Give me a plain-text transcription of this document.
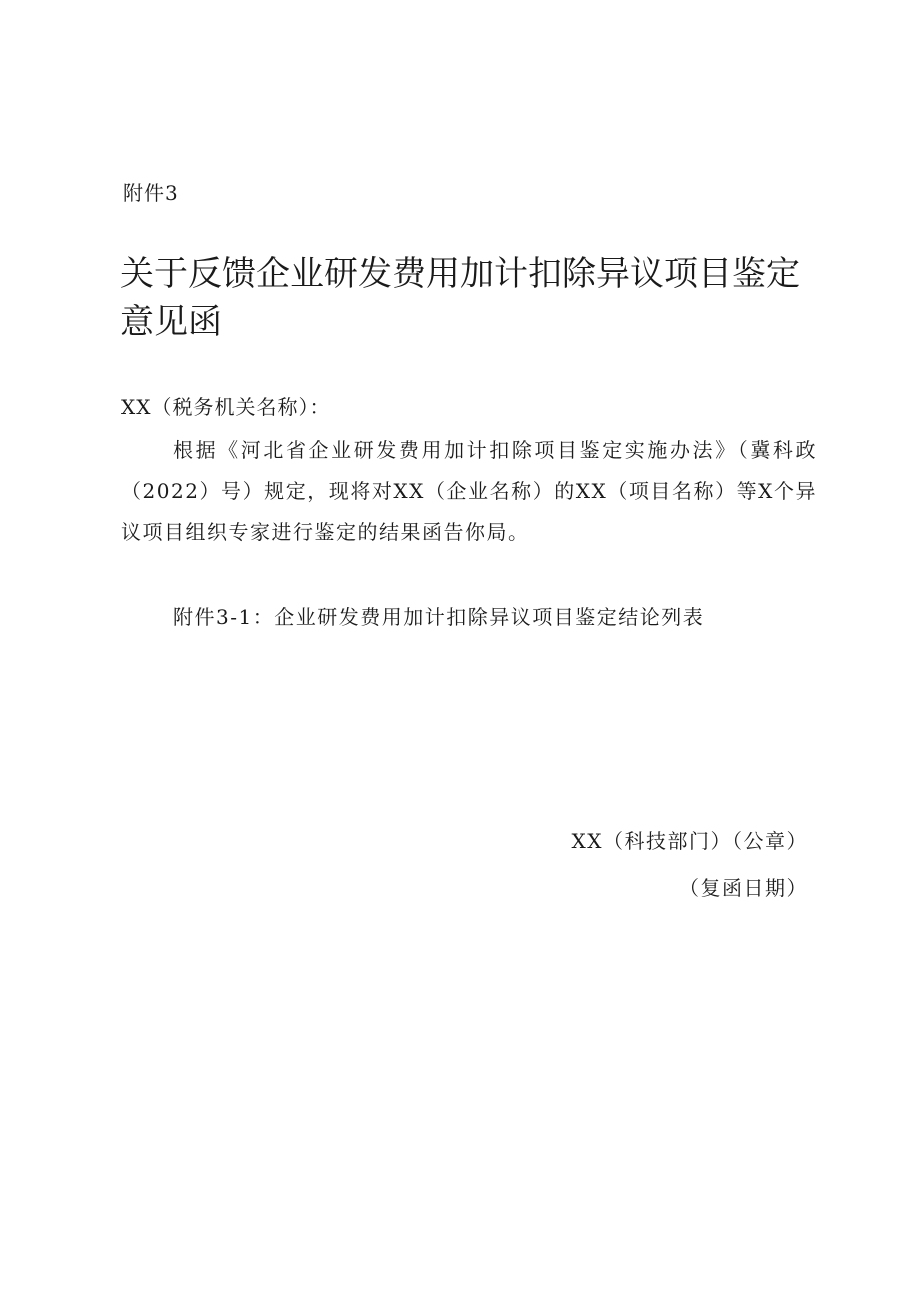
附件3
关于反馈企业研发费用加计扣除异议项目鉴定意见函
XX（税务机关名称）：

根据《河北省企业研发费用加计扣除项目鉴定实施办法》（冀科政（2022）号）规定，现将对XX（企业名称）的XX（项目名称）等X个异议项目组织专家进行鉴定的结果函告你局。

附件3-1：企业研发费用加计扣除异议项目鉴定结论列表
XX（科技部门）（公章）
（复函日期）
